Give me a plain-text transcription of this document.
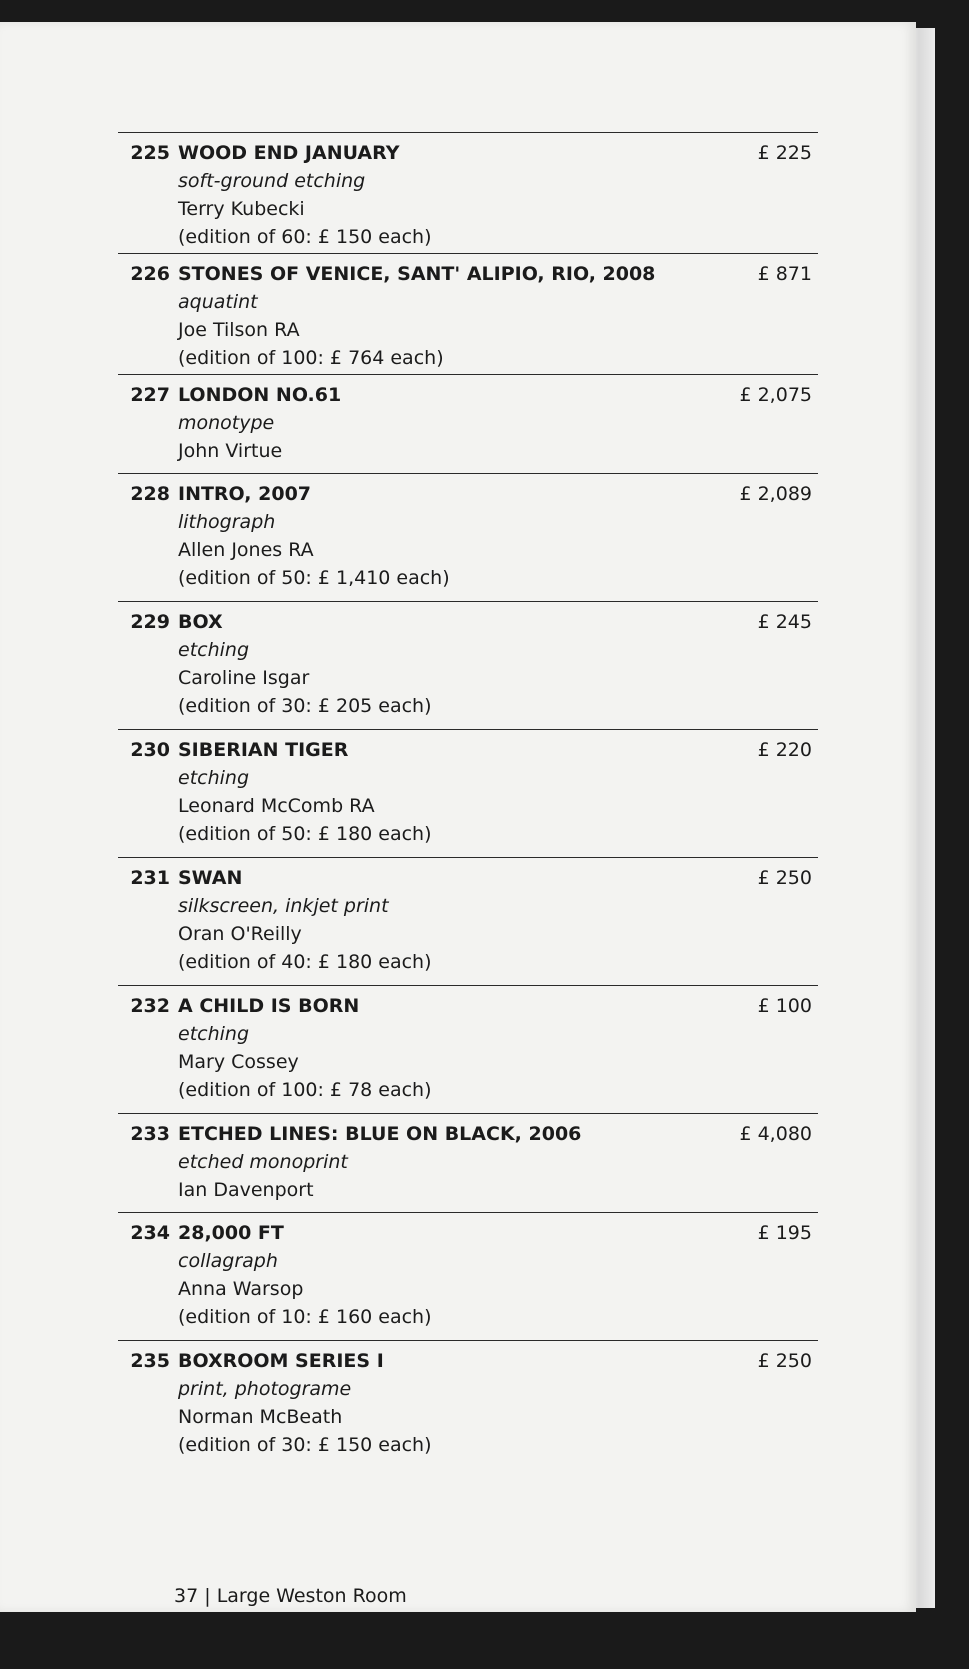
225 WOOD END JANUARY
soft-ground etching
Terry Kubecki
(edition of 60: £ 150 each)
£ 225
226 STONES OF VENICE, SANT' ALIPIO, RIO, 2008
aquatint
Joe Tilson RA
(edition of 100: £ 764 each)
£ 871
227 LONDON NO.61
monotype
John Virtue
£ 2,075
228 INTRO, 2007
lithograph
Allen Jones RA
(edition of 50: £ 1,410 each)
£ 2,089
229 BOX
etching
Caroline Isgar
(edition of 30: £ 205 each)
£ 245
230 SIBERIAN TIGER
etching
Leonard McComb RA
(edition of 50: £ 180 each)
£ 220
231 SWAN
silkscreen, inkjet print
Oran O'Reilly
(edition of 40: £ 180 each)
£ 250
232 A CHILD IS BORN
etching
Mary Cossey
(edition of 100: £ 78 each)
£ 100
233 ETCHED LINES: BLUE ON BLACK, 2006
etched monoprint
Ian Davenport
£ 4,080
234 28,000 FT
collagraph
Anna Warsop
(edition of 10: £ 160 each)
£ 195
235 BOXROOM SERIES I
print, photograme
Norman McBeath
(edition of 30: £ 150 each)
£ 250
37 | Large Weston Room
